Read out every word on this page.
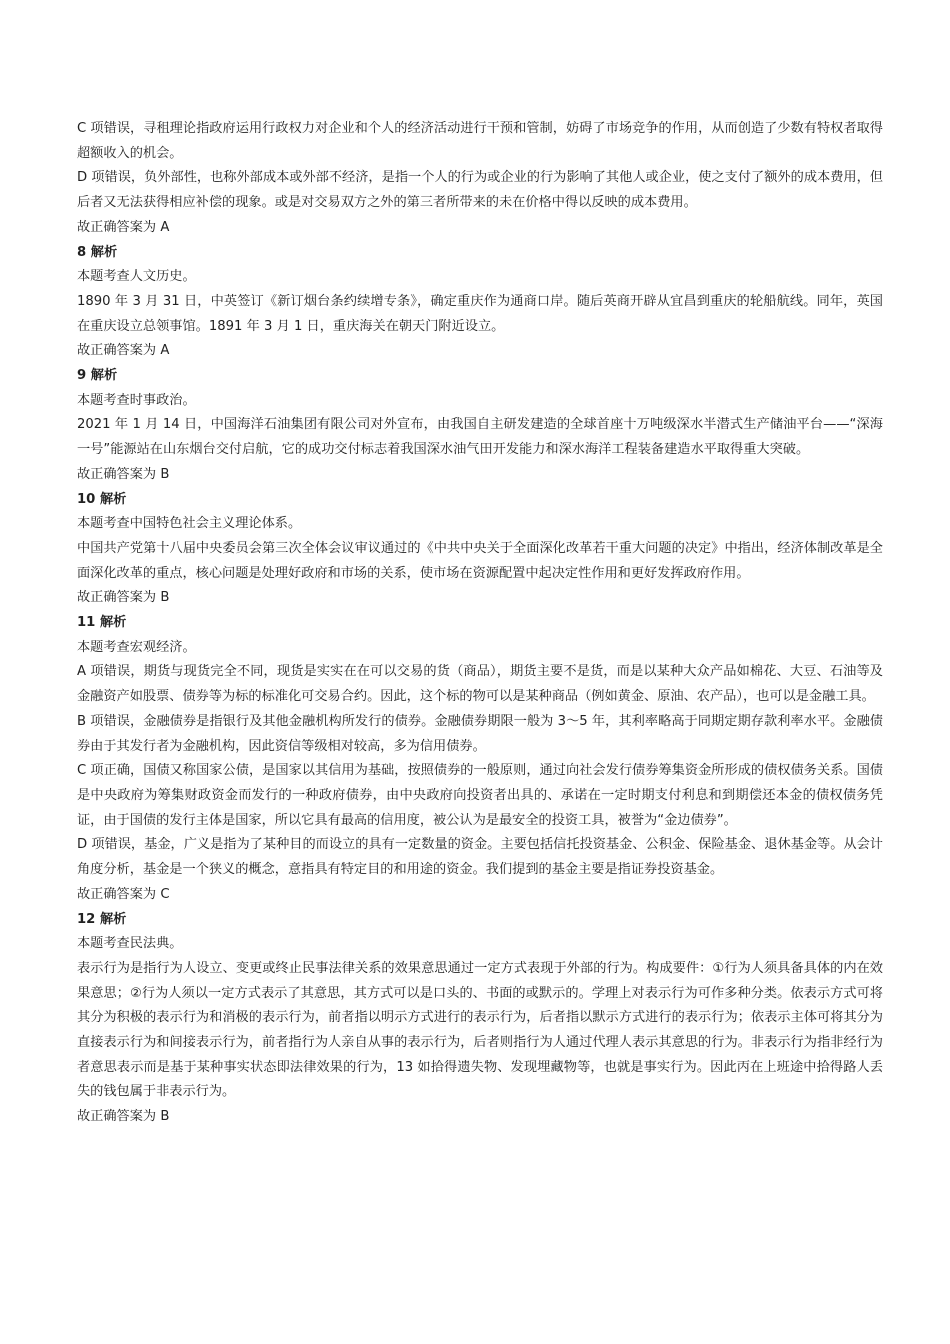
C 项错误，寻租理论指政府运用行政权力对企业和个人的经济活动进行干预和管制，妨碍了市场竞争的作用，从而创造了少数有特权者取得超额收入的机会。

D 项错误，负外部性，也称外部成本或外部不经济，是指一个人的行为或企业的行为影响了其他人或企业，使之支付了额外的成本费用，但后者又无法获得相应补偿的现象。或是对交易双方之外的第三者所带来的未在价格中得以反映的成本费用。

故正确答案为 A

8 解析

本题考查人文历史。

1890 年 3 月 31 日，中英签订《新订烟台条约续增专条》，确定重庆作为通商口岸。随后英商开辟从宜昌到重庆的轮船航线。同年，英国在重庆设立总领事馆。1891 年 3 月 1 日，重庆海关在朝天门附近设立。

故正确答案为 A

9 解析

本题考查时事政治。

2021 年 1 月 14 日，中国海洋石油集团有限公司对外宣布，由我国自主研发建造的全球首座十万吨级深水半潜式生产储油平台——“深海一号”能源站在山东烟台交付启航，它的成功交付标志着我国深水油气田开发能力和深水海洋工程装备建造水平取得重大突破。

故正确答案为 B

10 解析

本题考查中国特色社会主义理论体系。

中国共产党第十八届中央委员会第三次全体会议审议通过的《中共中央关于全面深化改革若干重大问题的决定》中指出，经济体制改革是全面深化改革的重点，核心问题是处理好政府和市场的关系，使市场在资源配置中起决定性作用和更好发挥政府作用。

故正确答案为 B

11 解析

本题考查宏观经济。

A 项错误，期货与现货完全不同，现货是实实在在可以交易的货（商品），期货主要不是货，而是以某种大众产品如棉花、大豆、石油等及金融资产如股票、债券等为标的标准化可交易合约。因此，这个标的物可以是某种商品（例如黄金、原油、农产品），也可以是金融工具。

B 项错误，金融债券是指银行及其他金融机构所发行的债券。金融债券期限一般为 3～5 年，其利率略高于同期定期存款利率水平。金融债券由于其发行者为金融机构，因此资信等级相对较高，多为信用债券。

C 项正确，国债又称国家公债，是国家以其信用为基础，按照债券的一般原则，通过向社会发行债券筹集资金所形成的债权债务关系。国债是中央政府为筹集财政资金而发行的一种政府债券，由中央政府向投资者出具的、承诺在一定时期支付利息和到期偿还本金的债权债务凭证，由于国债的发行主体是国家，所以它具有最高的信用度，被公认为是最安全的投资工具，被誉为“金边债券”。

D 项错误，基金，广义是指为了某种目的而设立的具有一定数量的资金。主要包括信托投资基金、公积金、保险基金、退休基金等。从会计角度分析，基金是一个狭义的概念，意指具有特定目的和用途的资金。我们提到的基金主要是指证券投资基金。

故正确答案为 C

12 解析

本题考查民法典。

表示行为是指行为人设立、变更或终止民事法律关系的效果意思通过一定方式表现于外部的行为。构成要件：①行为人须具备具体的内在效果意思；②行为人须以一定方式表示了其意思，其方式可以是口头的、书面的或默示的。学理上对表示行为可作多种分类。依表示方式可将其分为积极的表示行为和消极的表示行为，前者指以明示方式进行的表示行为，后者指以默示方式进行的表示行为；依表示主体可将其分为直接表示行为和间接表示行为，前者指行为人亲自从事的表示行为，后者则指行为人通过代理人表示其意思的行为。非表示行为指非经行为者意思表示而是基于某种事实状态即法律效果的行为，13 如拾得遗失物、发现埋藏物等，也就是事实行为。因此丙在上班途中拾得路人丢失的钱包属于非表示行为。

故正确答案为 B
